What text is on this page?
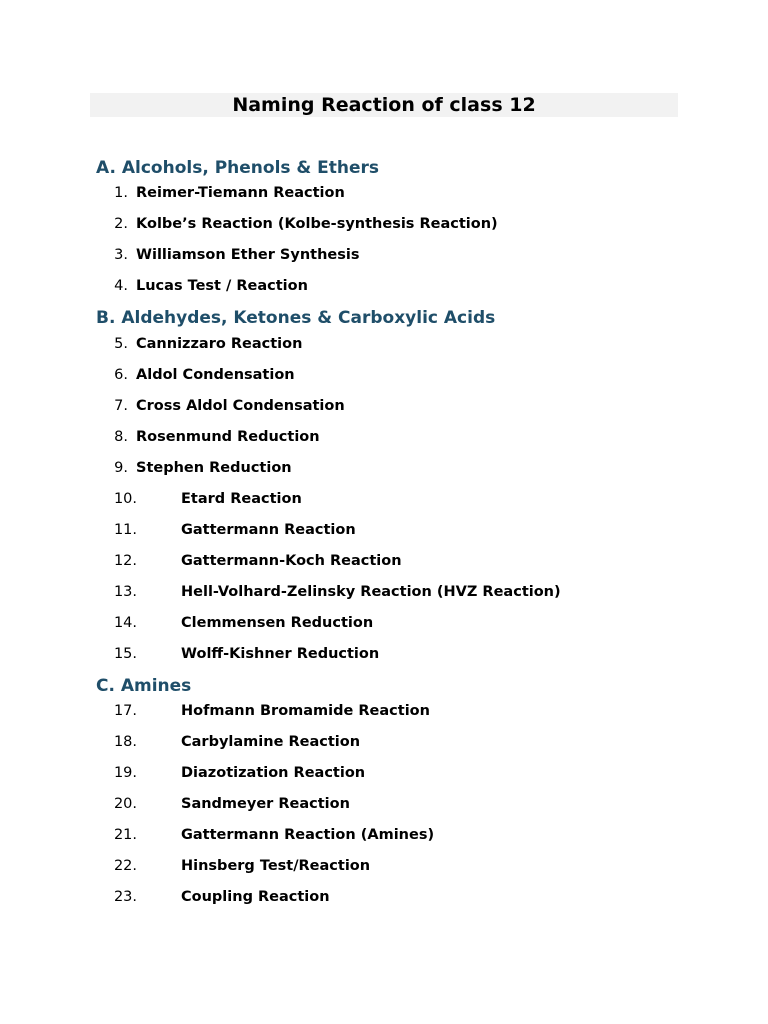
Naming Reaction of class 12
A. Alcohols, Phenols & Ethers
1. Reimer-Tiemann Reaction
2. Kolbe’s Reaction (Kolbe-synthesis Reaction)
3. Williamson Ether Synthesis
4. Lucas Test / Reaction
B. Aldehydes, Ketones & Carboxylic Acids
5. Cannizzaro Reaction
6. Aldol Condensation
7. Cross Aldol Condensation
8. Rosenmund Reduction
9. Stephen Reduction
10.	Etard Reaction
11.	Gattermann Reaction
12.	Gattermann-Koch Reaction
13.	Hell-Volhard-Zelinsky Reaction (HVZ Reaction)
14.	Clemmensen Reduction
15.	Wolff-Kishner Reduction
C. Amines
17.	Hofmann Bromamide Reaction
18.	Carbylamine Reaction
19.	Diazotization Reaction
20.	Sandmeyer Reaction
21.	Gattermann Reaction (Amines)
22.	Hinsberg Test/Reaction
23.	Coupling Reaction
